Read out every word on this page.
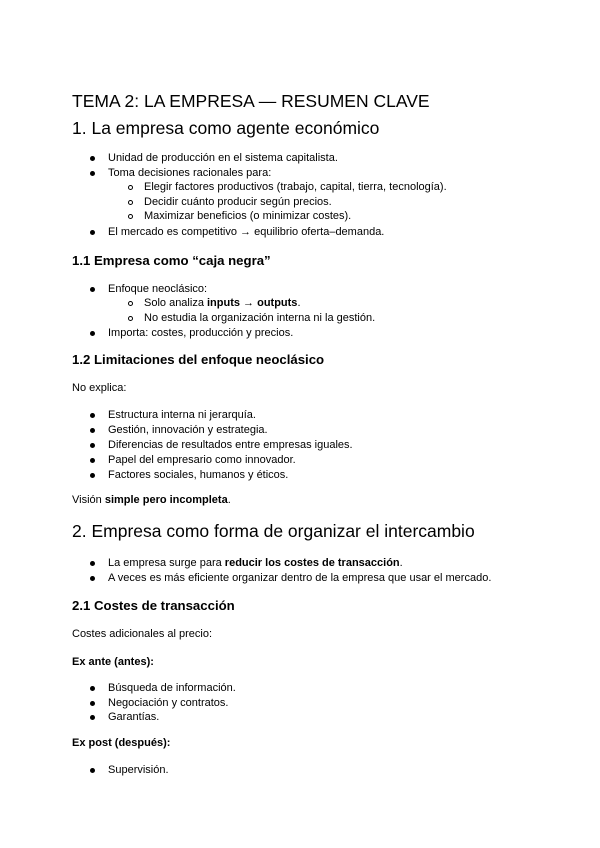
TEMA 2: LA EMPRESA — RESUMEN CLAVE
1. La empresa como agente económico
Unidad de producción en el sistema capitalista.
Toma decisiones racionales para:
Elegir factores productivos (trabajo, capital, tierra, tecnología).
Decidir cuánto producir según precios.
Maximizar beneficios (o minimizar costes).
El mercado es competitivo → equilibrio oferta–demanda.
1.1 Empresa como “caja negra”
Enfoque neoclásico:
Solo analiza inputs → outputs.
No estudia la organización interna ni la gestión.
Importa: costes, producción y precios.
1.2 Limitaciones del enfoque neoclásico
No explica:
Estructura interna ni jerarquía.
Gestión, innovación y estrategia.
Diferencias de resultados entre empresas iguales.
Papel del empresario como innovador.
Factores sociales, humanos y éticos.
Visión simple pero incompleta.
2. Empresa como forma de organizar el intercambio
La empresa surge para reducir los costes de transacción.
A veces es más eficiente organizar dentro de la empresa que usar el mercado.
2.1 Costes de transacción
Costes adicionales al precio:
Ex ante (antes):
Búsqueda de información.
Negociación y contratos.
Garantías.
Ex post (después):
Supervisión.
